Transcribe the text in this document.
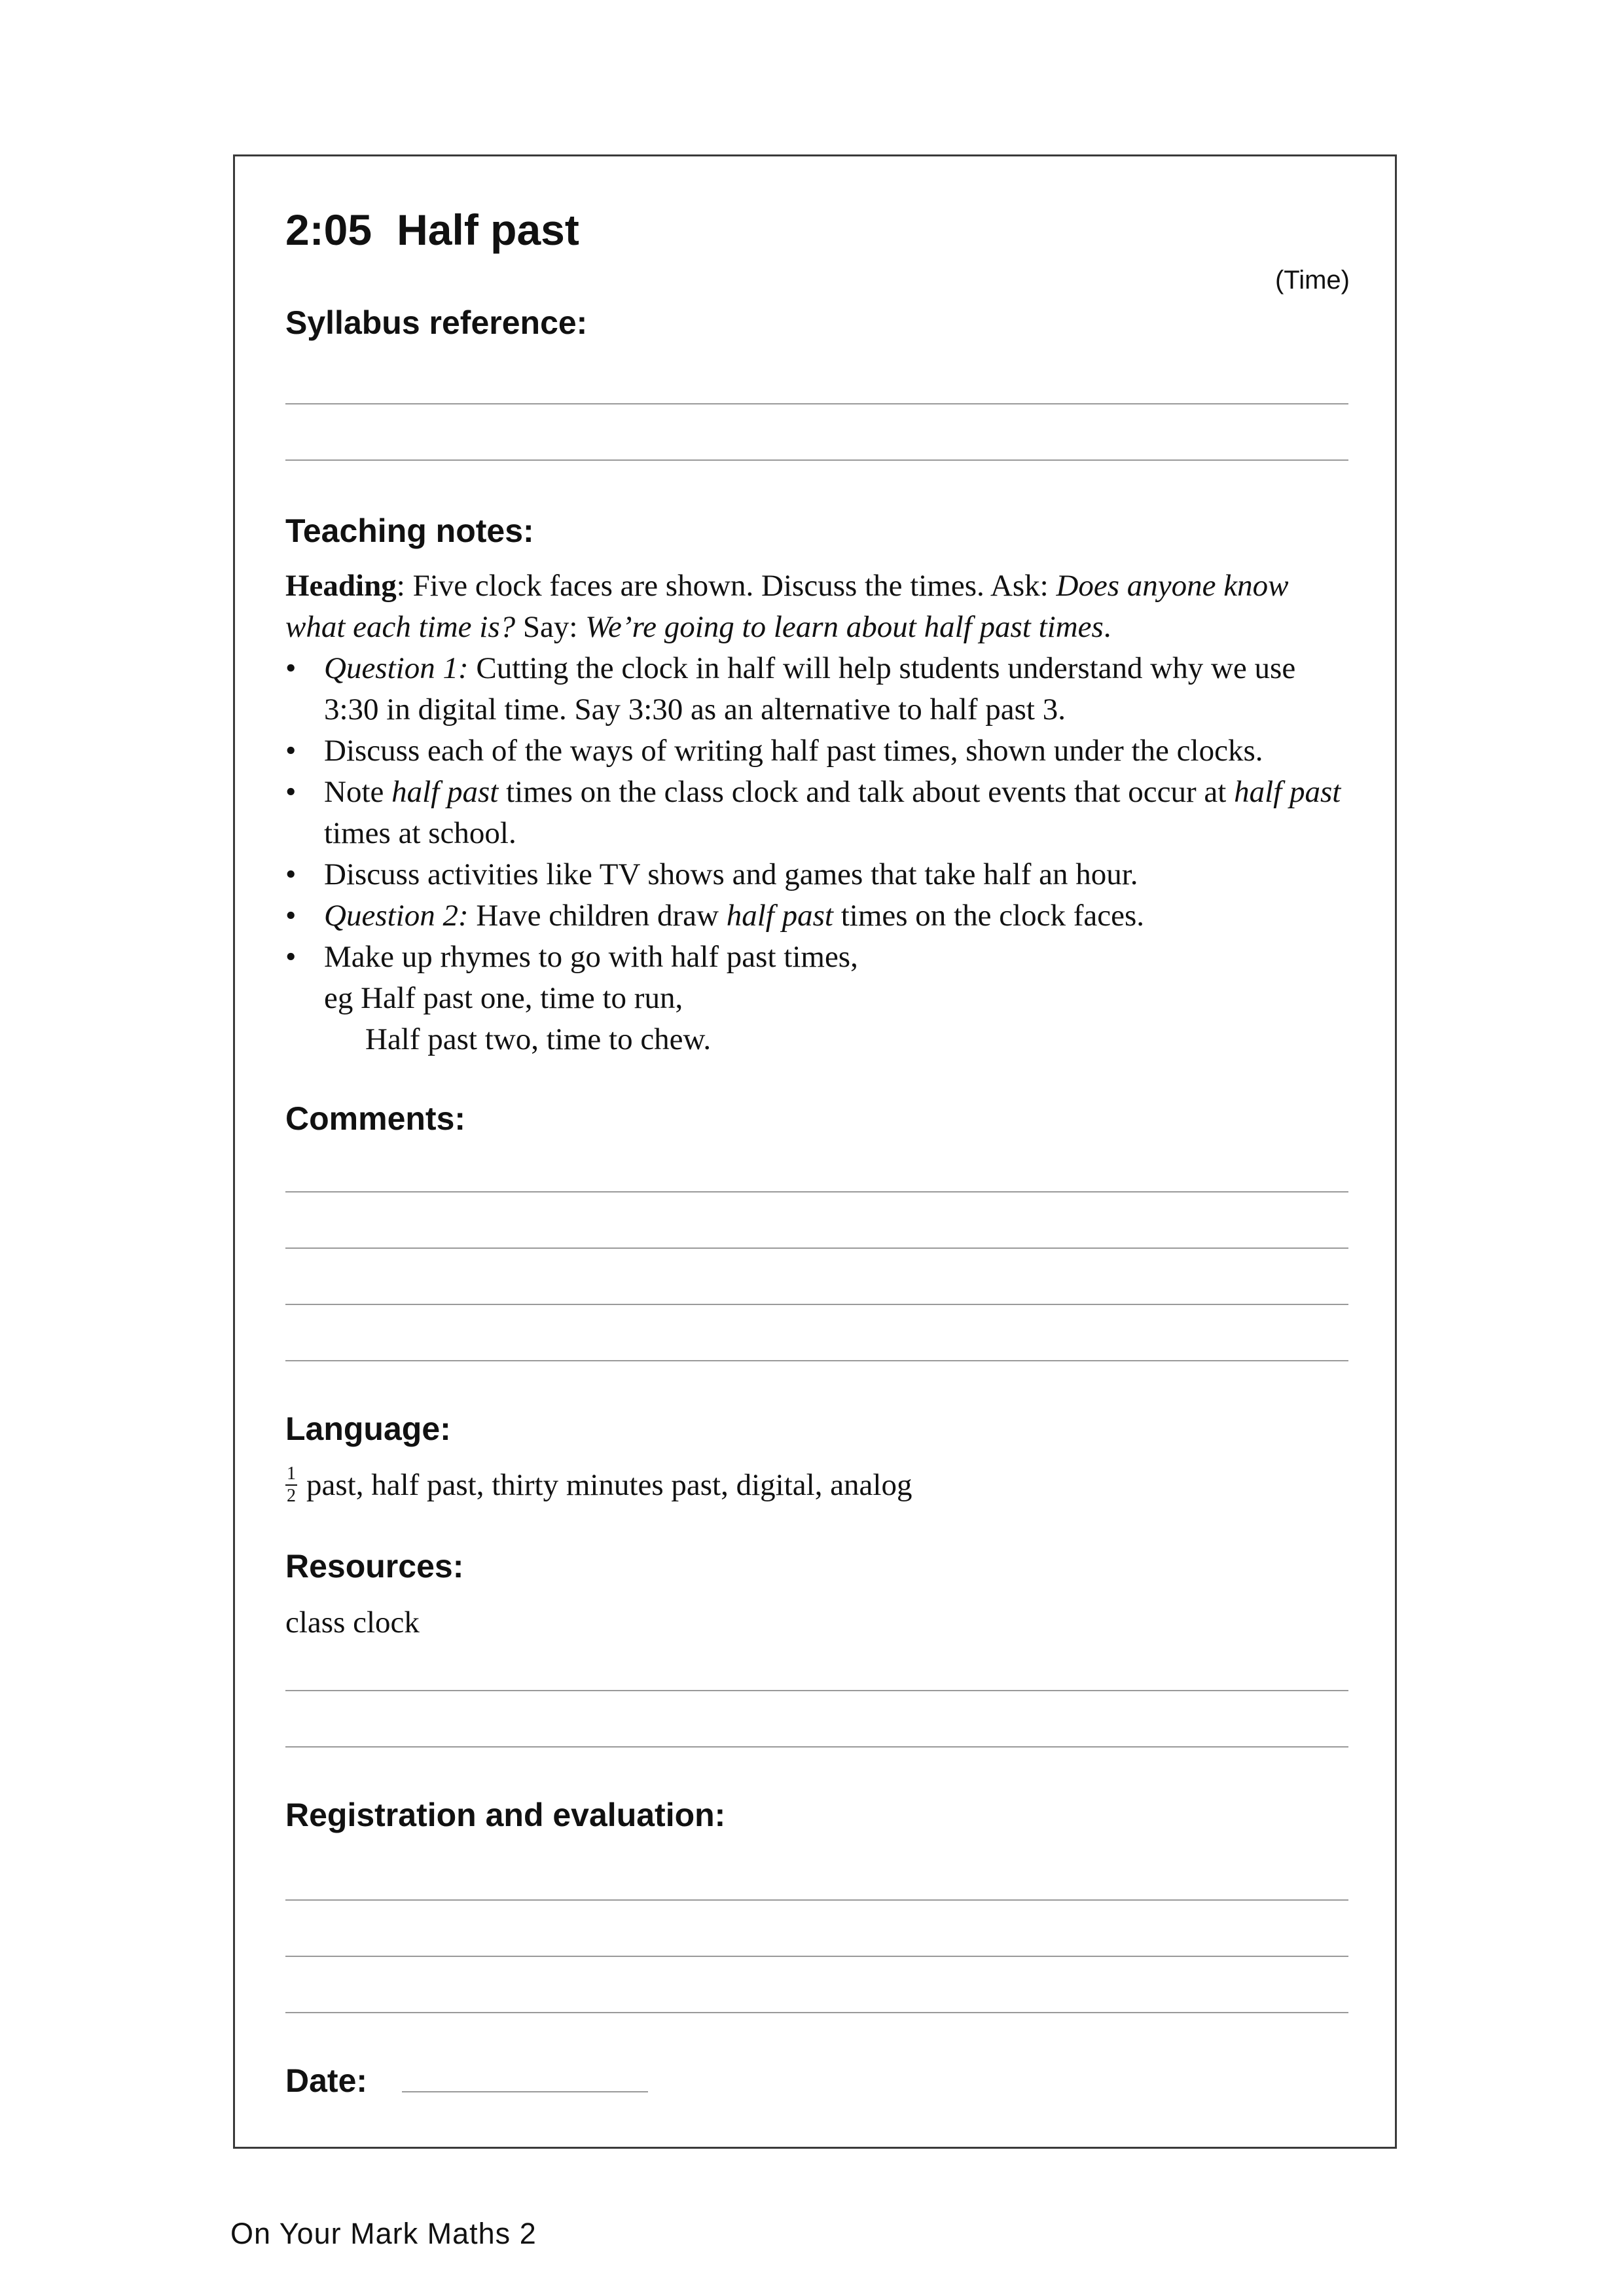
2:05 Half past
(Time)
Syllabus reference:
Teaching notes:

Heading: Five clock faces are shown. Discuss the times. Ask: Does anyone know what each time is? Say: We’re going to learn about half past times.

• Question 1: Cutting the clock in half will help students understand why we use 3:30 in digital time. Say 3:30 as an alternative to half past 3.
• Discuss each of the ways of writing half past times, shown under the clocks.
• Note half past times on the class clock and talk about events that occur at half past times at school.
• Discuss activities like TV shows and games that take half an hour.
• Question 2: Have children draw half past times on the clock faces.
• Make up rhymes to go with half past times,

eg Half past one, time to run,

Half past two, time to chew.

Comments:
Language:
$\frac{1}{2}$ past, half past, thirty minutes past, digital, analog
Resources:
class clock
Registration and evaluation:
Date:
On Your Mark Maths 2
